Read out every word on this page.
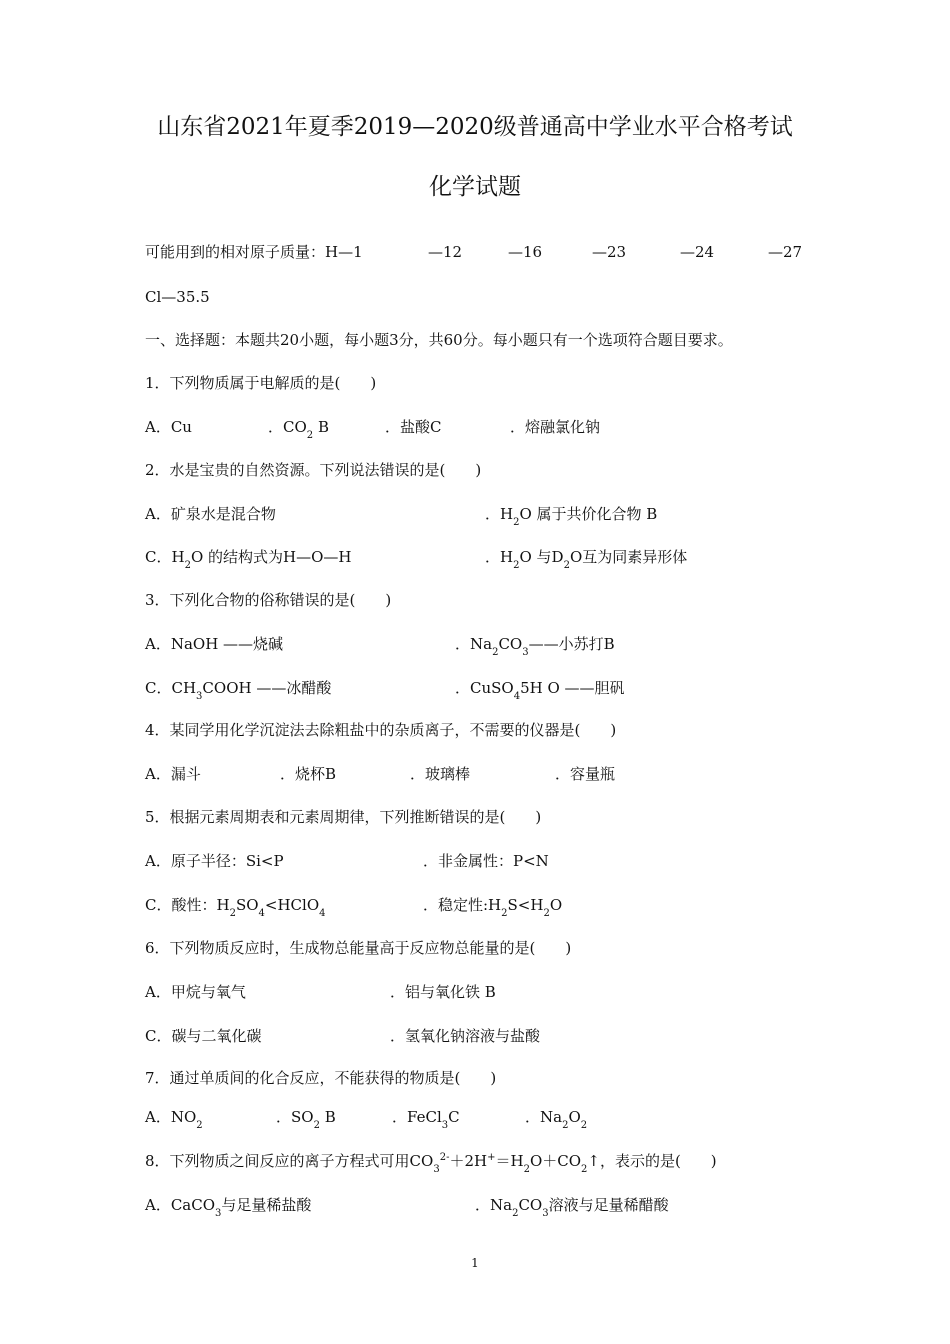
山东省2021年夏季2019—2020级普通高中学业水平合格考试
化学试题
可能用到的相对原子质量：H—1	—12	—16	—23	—24	—27
Cl—35.5
一、选择题：本题共20小题，每小题3分，共60分。每小题只有一个选项符合题目要求。
1．下列物质属于电解质的是(　　)
A．Cu	．$CO_2$ B	．盐酸C	．熔融氯化钠
2．水是宝贵的自然资源。下列说法错误的是(　　)
A．矿泉水是混合物	．$H_2O$ 属于共价化合物 B
C．$H_2O$ 的结构式为H—O—H	．$H_2O$ 与$D_2O$互为同素异形体
3．下列化合物的俗称错误的是(　　)
A．NaOH ——烧碱	．$Na_2CO_3——$小苏打B
C．$CH_3COOH$ ——冰醋酸	．CuSO$_4$5H O ——胆矾
4．某同学用化学沉淀法去除粗盐中的杂质离子，不需要的仪器是(　　)
A．漏斗	．烧杯B	．玻璃棒	．容量瓶
5．根据元素周期表和元素周期律，下列推断错误的是(　　)
A．原子半径：Si<P	．非金属性：P<N
C．酸性：$H_2SO_4<HClO_4$	．稳定性$:H_2S<H_2O$
6．下列物质反应时，生成物总能量高于反应物总能量的是(　　)
A．甲烷与氧气	．铝与氧化铁 B
C．碳与二氧化碳	．氢氧化钠溶液与盐酸
7．通过单质间的化合反应，不能获得的物质是(　　)
A．$NO_2$	．$SO_2$ B	．FeCl$_3$C	．$Na_2O_2$
8．下列物质之间反应的离子方程式可用$CO_3^{2-}+2H^+=H_2O+CO_2↑$，表示的是(　　)
A．CaCO$_3$与足量稀盐酸	．$Na_2CO_3$溶液与足量稀醋酸
1
